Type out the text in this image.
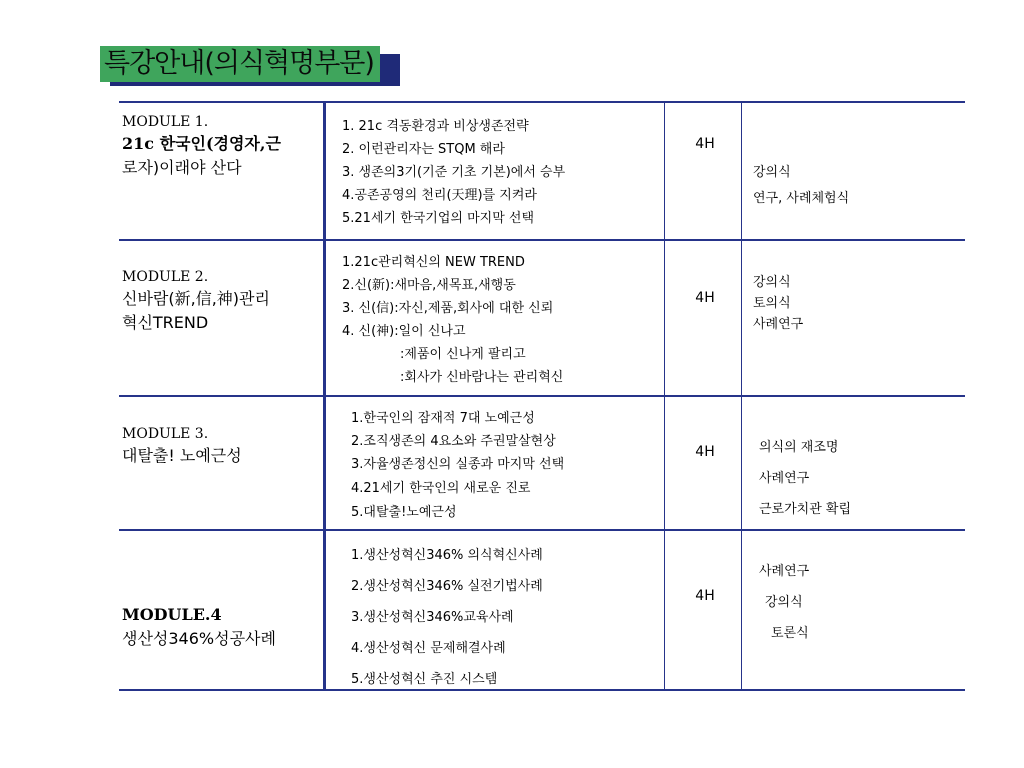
특강안내(의식혁명부문)
MODULE 1.
21c 한국인(경영자,근
로자)이래야 산다
1. 21c 격동환경과 비상생존전략
2. 이런관리자는 STQM 해라
3. 생존의3기(기준 기초 기본)에서 승부
4.공존공영의 천리(天理)를 지켜라
5.21세기 한국기업의 마지막 선택
4H
강의식
연구, 사례체험식
MODULE 2.
신바람(新,信,神)관리
혁신TREND
1.21c관리혁신의 NEW TREND
2.신(新):새마음,새목표,새행동
3. 신(信):자신,제품,회사에 대한 신뢰
4. 신(神):일이 신나고
:제품이 신나게 팔리고
:회사가 신바람나는 관리혁신
4H
강의식
토의식
사례연구
MODULE 3.
대탈출! 노예근성
1.한국인의 잠재적 7대 노예근성
2.조직생존의 4요소와 주권말살현상
3.자율생존정신의 실종과 마지막 선택
4.21세기 한국인의 새로운 진로
5.대탈출!노예근성
4H	의식의 재조명
사례연구
근로가치관 확립
MODULE.4
생산성346%성공사례
1.생산성혁신346% 의식혁신사례
2.생산성혁신346% 실전기법사례
3.생산성혁신346%교육사례
4.생산성혁신 문제해결사례
5.생산성혁신 추진 시스템
4H
사례연구
강의식
토론식
